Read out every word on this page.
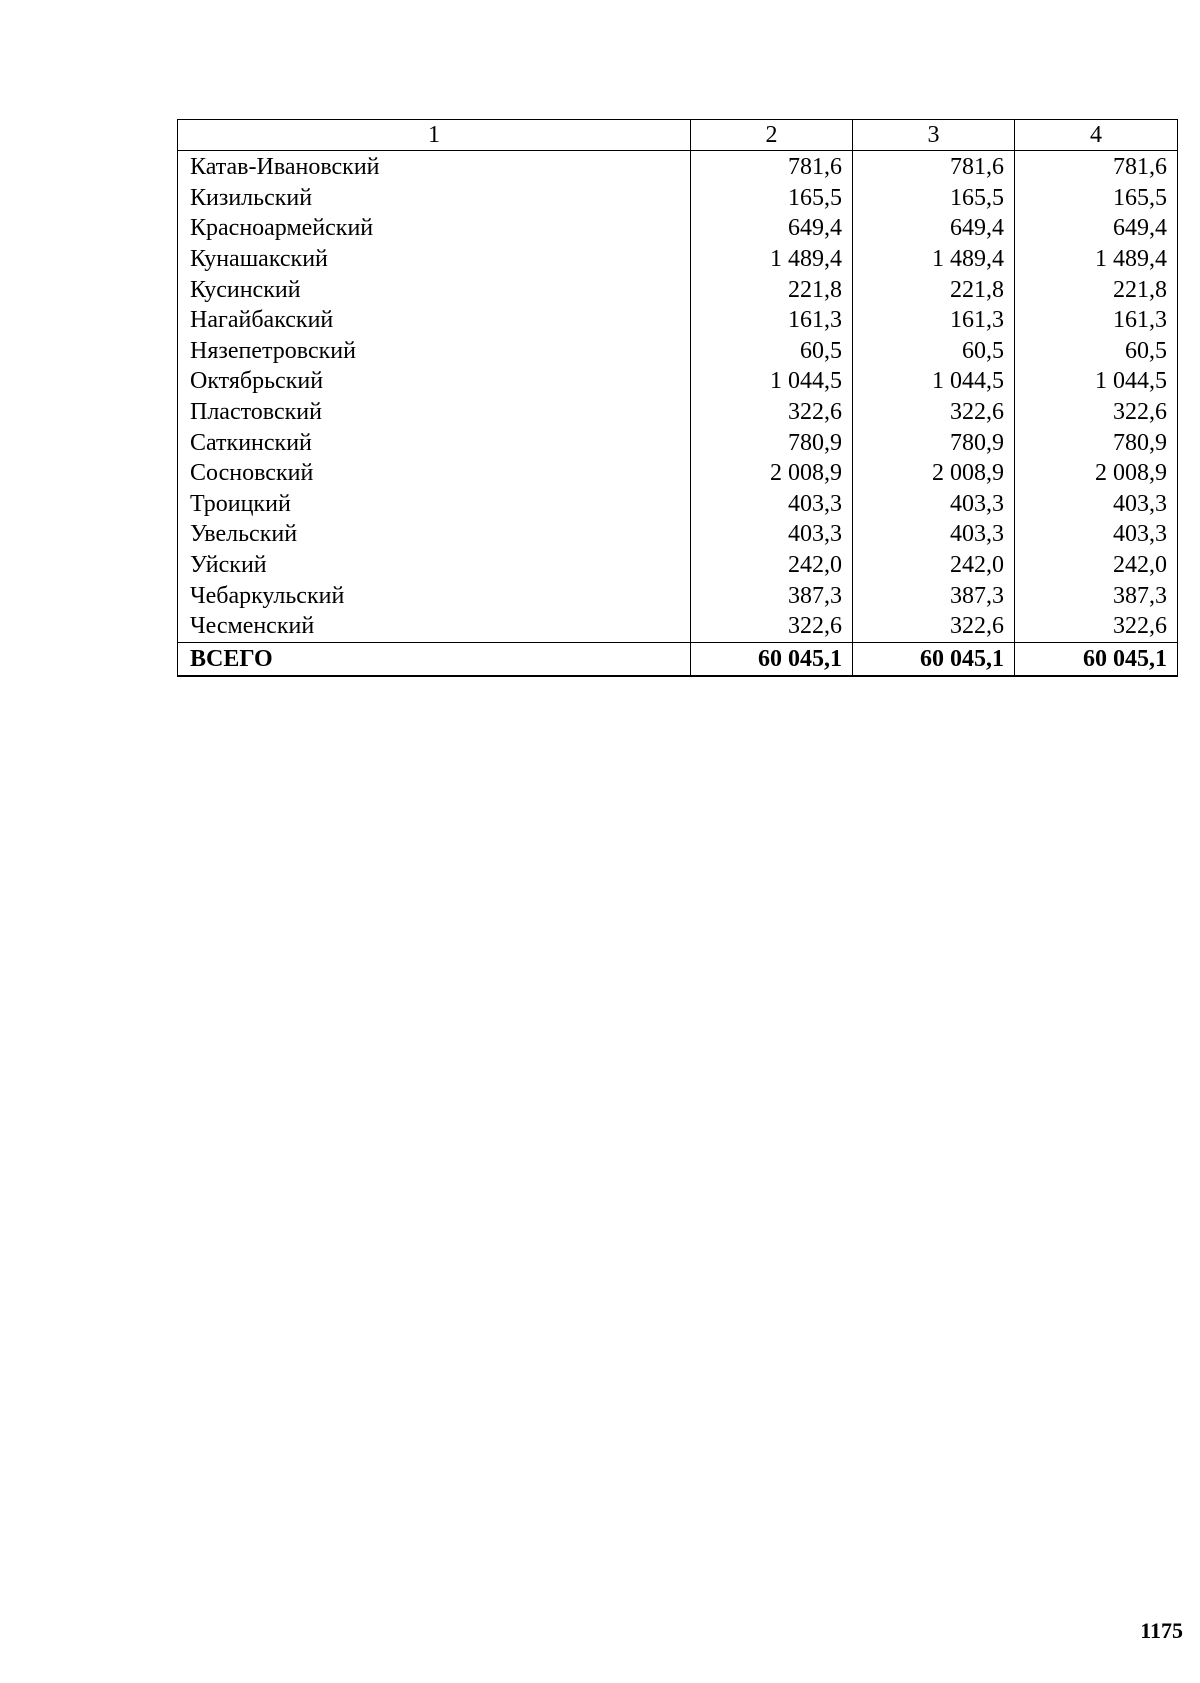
1	2	3	4
Катав-Ивановский	781,6	781,6	781,6
Кизильский	165,5	165,5	165,5
Красноармейский	649,4	649,4	649,4
Кунашакский	1 489,4	1 489,4	1 489,4
Кусинский	221,8	221,8	221,8
Нагайбакский	161,3	161,3	161,3
Нязепетровский	60,5	60,5	60,5
Октябрьский	1 044,5	1 044,5	1 044,5
Пластовский	322,6	322,6	322,6
Саткинский	780,9	780,9	780,9
Сосновский	2 008,9	2 008,9	2 008,9
Троицкий	403,3	403,3	403,3
Увельский	403,3	403,3	403,3
Уйский	242,0	242,0	242,0
Чебаркульский	387,3	387,3	387,3
Чесменский	322,6	322,6	322,6
ВСЕГО	60 045,1	60 045,1	60 045,1
1175
